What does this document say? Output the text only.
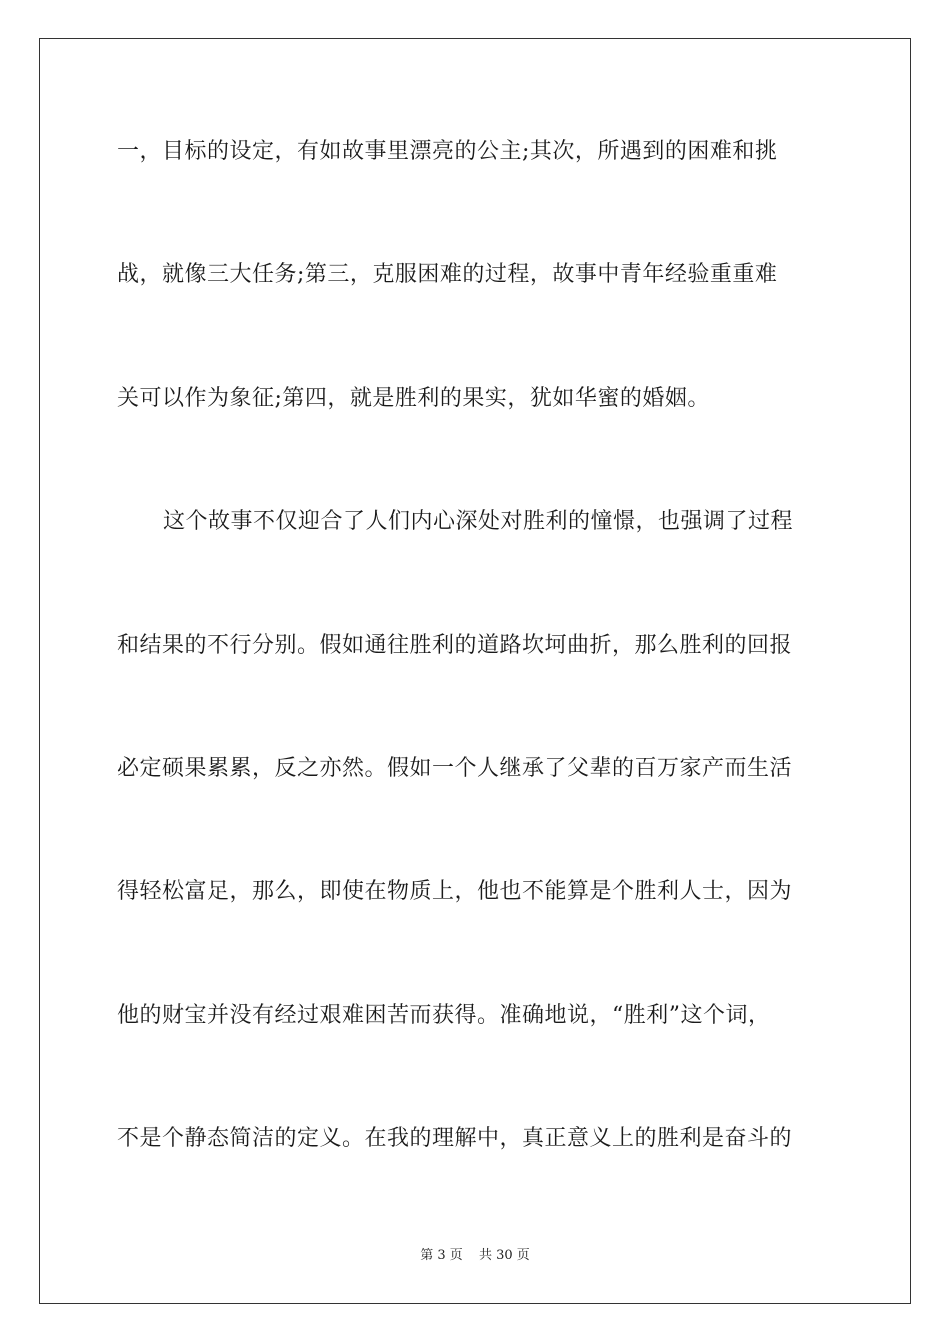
一，目标的设定，有如故事里漂亮的公主;其次，所遇到的困难和挑
战，就像三大任务;第三，克服困难的过程，故事中青年经验重重难
关可以作为象征;第四，就是胜利的果实，犹如华蜜的婚姻。
这个故事不仅迎合了人们内心深处对胜利的憧憬，也强调了过程
和结果的不行分别。假如通往胜利的道路坎坷曲折，那么胜利的回报
必定硕果累累，反之亦然。假如一个人继承了父辈的百万家产而生活
得轻松富足，那么，即使在物质上，他也不能算是个胜利人士，因为
他的财宝并没有经过艰难困苦而获得。准确地说，“胜利”这个词，
不是个静态简洁的定义。在我的理解中，真正意义上的胜利是奋斗的
第 3 页 共 30 页
